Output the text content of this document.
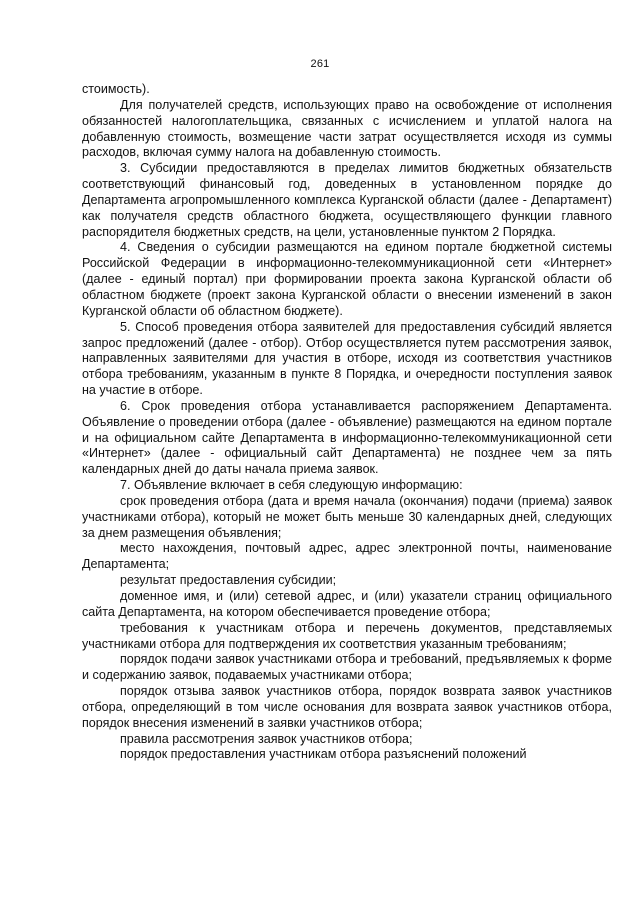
261

стоимость).

Для получателей средств, использующих право на освобождение от исполнения обязанностей налогоплательщика, связанных с исчислением и уплатой налога на добавленную стоимость, возмещение части затрат осуществляется исходя из суммы расходов, включая сумму налога на добавленную стоимость.

3. Субсидии предоставляются в пределах лимитов бюджетных обязательств соответствующий финансовый год, доведенных в установленном порядке до Департамента агропромышленного комплекса Курганской области (далее - Департамент) как получателя средств областного бюджета, осуществляющего функции главного распорядителя бюджетных средств, на цели, установленные пунктом 2 Порядка.

4. Сведения о субсидии размещаются на едином портале бюджетной системы Российской Федерации в информационно-телекоммуникационной сети «Интернет» (далее - единый портал) при формировании проекта закона Курганской области об областном бюджете (проект закона Курганской области о внесении изменений в закон Курганской области об областном бюджете).

5. Способ проведения отбора заявителей для предоставления субсидий является запрос предложений (далее - отбор). Отбор осуществляется путем рассмотрения заявок, направленных заявителями для участия в отборе, исходя из соответствия участников отбора требованиям, указанным в пункте 8 Порядка, и очередности поступления заявок на участие в отборе.

6. Срок проведения отбора устанавливается распоряжением Департамента. Объявление о проведении отбора (далее - объявление) размещаются на едином портале и на официальном сайте Департамента в информационно-телекоммуникационной сети «Интернет» (далее - официальный сайт Департамента) не позднее чем за пять календарных дней до даты начала приема заявок.

7. Объявление включает в себя следующую информацию:

срок проведения отбора (дата и время начала (окончания) подачи (приема) заявок участниками отбора), который не может быть меньше 30 календарных дней, следующих за днем размещения объявления;

место нахождения, почтовый адрес, адрес электронной почты, наименование Департамента;

результат предоставления субсидии;

доменное имя, и (или) сетевой адрес, и (или) указатели страниц официального сайта Департамента, на котором обеспечивается проведение отбора;

требования к участникам отбора и перечень документов, представляемых участниками отбора для подтверждения их соответствия указанным требованиям;

порядок подачи заявок участниками отбора и требований, предъявляемых к форме и содержанию заявок, подаваемых участниками отбора;

порядок отзыва заявок участников отбора, порядок возврата заявок участников отбора, определяющий в том числе основания для возврата заявок участников отбора, порядок внесения изменений в заявки участников отбора;

правила рассмотрения заявок участников отбора;

порядок предоставления участникам отбора разъяснений положений
